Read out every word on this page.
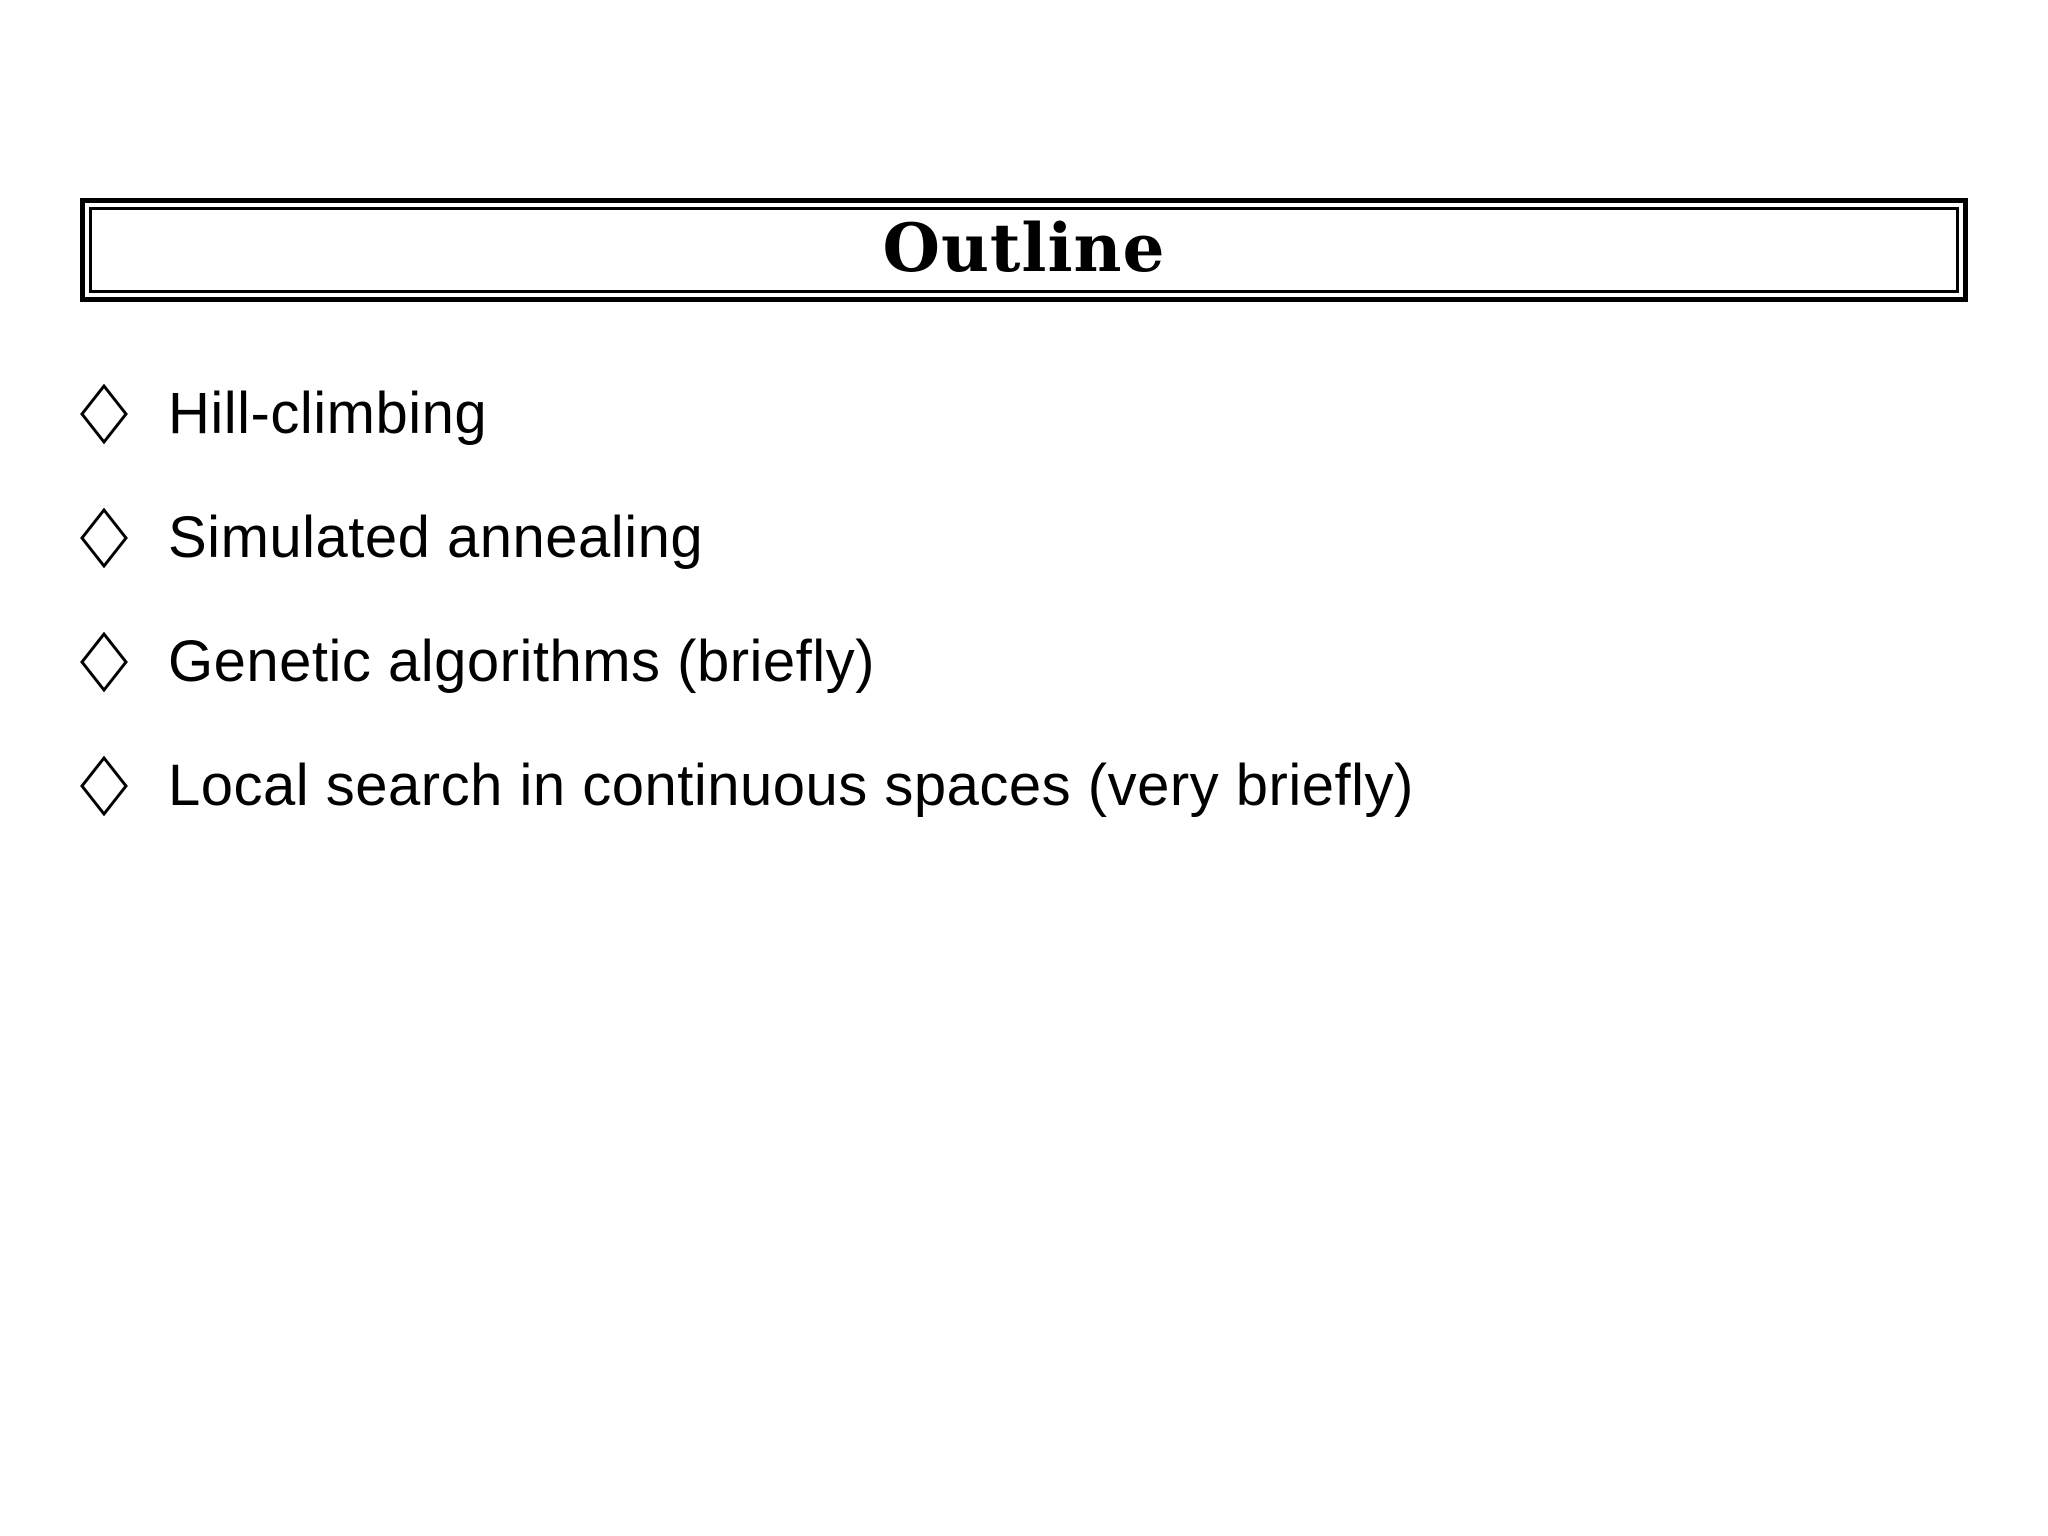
Outline
Hill-climbing
Simulated annealing
Genetic algorithms (briefly)
Local search in continuous spaces (very briefly)
